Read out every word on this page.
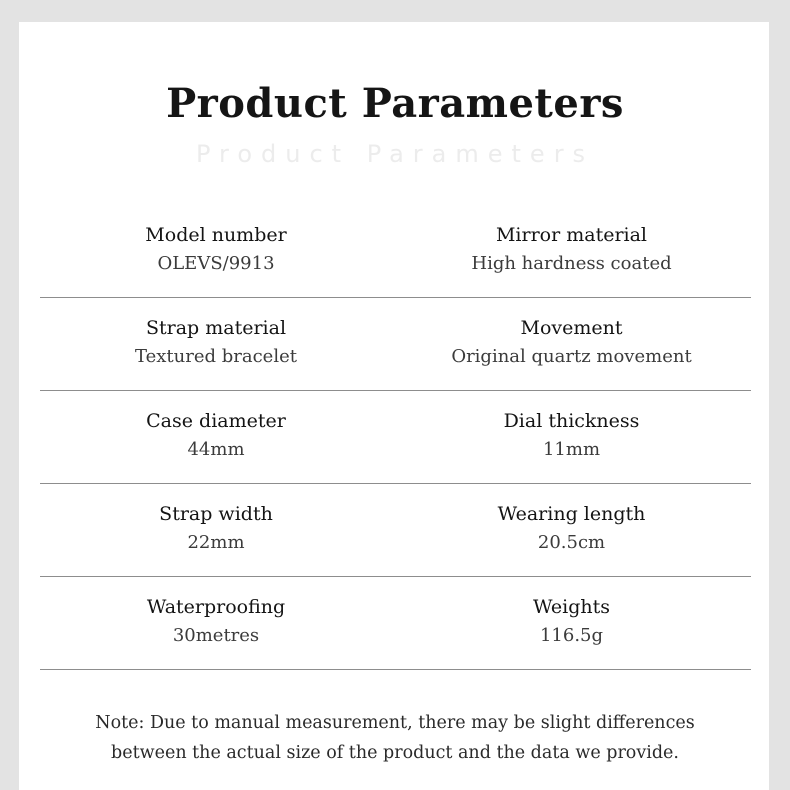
Product Parameters
Product Parameters
Model number
OLEVS/9913
Mirror material
High hardness coated
Strap material
Textured bracelet
Movement
Original quartz movement
Case diameter
44mm
Dial thickness
11mm
Strap width
22mm
Wearing length
20.5cm
Waterproofing
30metres
Weights
116.5g
Note: Due to manual measurement, there may be slight differences
between the actual size of the product and the data we provide.
